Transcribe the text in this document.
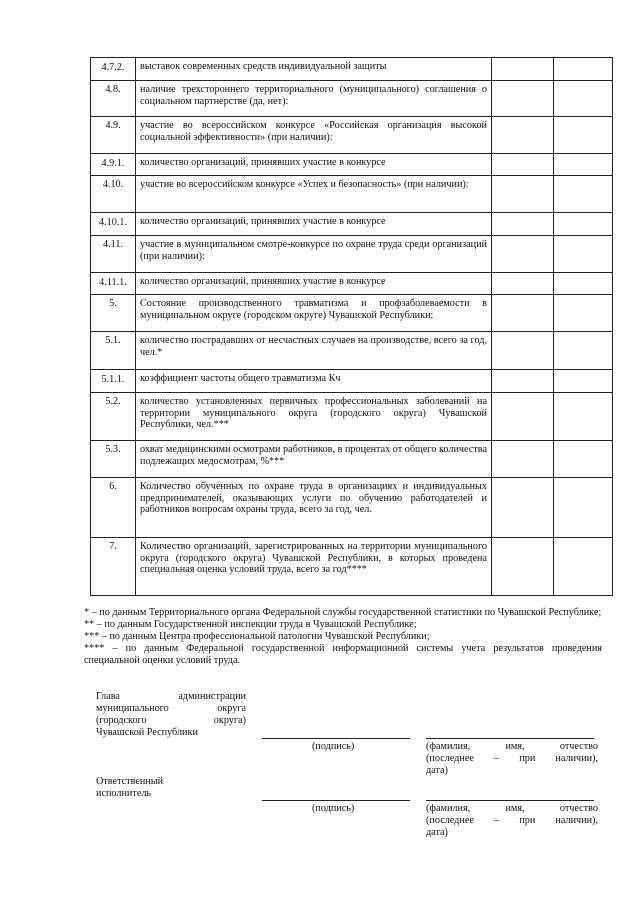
4.7.2.	выставок современных средств индивидуальной защиты		
4.8.	наличие трехстороннего территориального (муниципального) соглашения о социальном партнерстве (да, нет):		
4.9.	участие во всероссийском конкурсе «Российская организация высокой социальной эффективности» (при наличии):		
4.9.1.	количество организаций, принявших участие в конкурсе		
4.10.	участие во всероссийском конкурсе «Успех и безопасность» (при наличии):		
4.10.1.	количество организаций, принявших участие в конкурсе		
4.11.	участие в муниципальном смотре-конкурсе по охране труда среди организаций (при наличии):		
4.11.1.	количество организаций, принявших участие в конкурсе		
5.	Состояние производственного травматизма и профзаболеваемости в муниципальном округе (городском округе) Чувашской Республики:		
5.1.	количество пострадавших от несчастных случаев на производстве, всего за год, чел.*		
5.1.1.	коэффициент частоты общего травматизма Кч		
5.2.	количество установленных первичных профессиональных заболеваний на территории муниципального округа (городского округа) Чувашской Республики, чел.***		
5.3.	охват медицинскими осмотрами работников, в процентах от общего количества подлежащих медосмотрам, %***		
6.	Количество обученных по охране труда в организациях и индивидуальных предпринимателей, оказывающих услуги по обучению работодателей и работников вопросам охраны труда, всего за год, чел.		
7.	Количество организаций, зарегистрированных на территории муниципального округа (городского округа) Чувашской Республики, в которых проведена специальная оценка условий труда, всего за год****		

* – по данным Территориального органа Федеральной службы государственной статистики по Чувашской Республике;

** – по данным Государственной инспекции труда в Чувашской Республике;

*** – по данным Центра профессиональной патологии Чувашской Республики;

**** – по данным Федеральной государственной информационной системы учета результатов проведения специальной оценки условий труда.

Глава администрации

муниципального округа

(городского округа)

Чувашской Республики

(подпись)	(фамилия, имя, отчество

(последнее – при наличии),

дата)

Ответственный
исполнитель
(подпись)	(фамилия, имя, отчество

(последнее – при наличии),

дата)
